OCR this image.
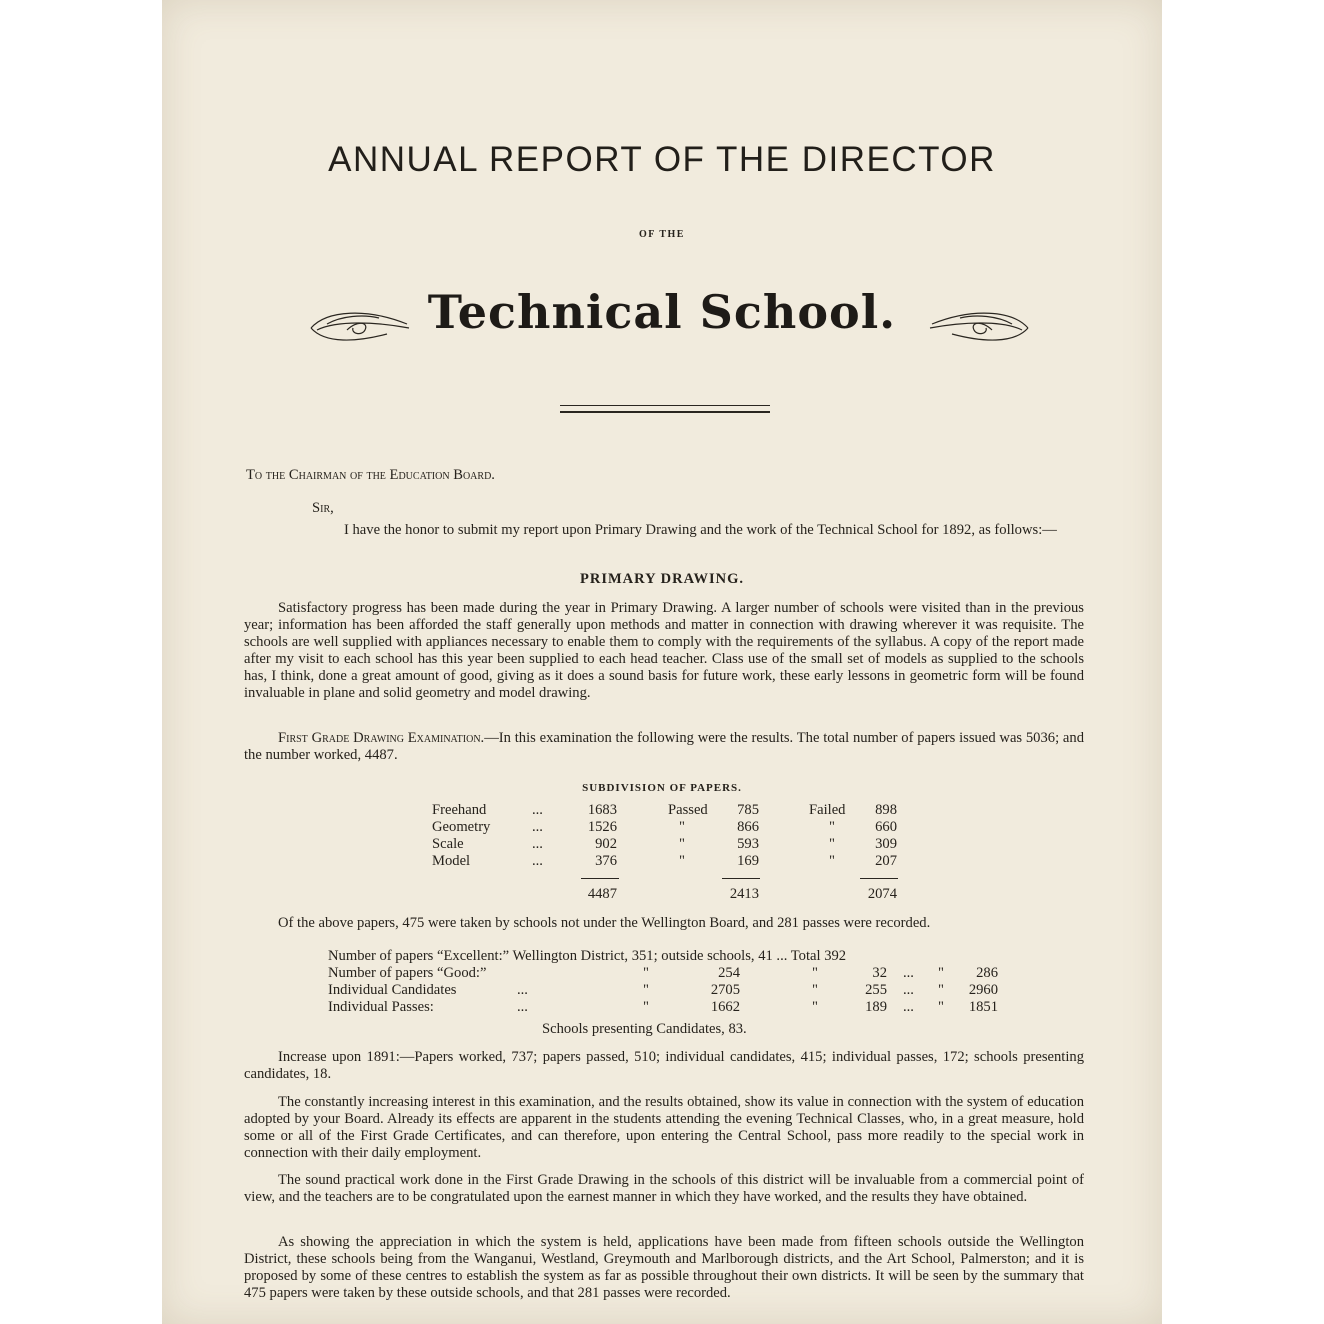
ANNUAL REPORT OF THE DIRECTOR
OF THE
Technical School.
To the Chairman of the Education Board.
Sir,

I have the honor to submit my report upon Primary Drawing and the work of the Technical School for 1892, as follows:—

PRIMARY DRAWING.

Satisfactory progress has been made during the year in Primary Drawing. A larger number of schools were visited than in the previous year; information has been afforded the staff generally upon methods and matter in connection with drawing wherever it was requisite. The schools are well supplied with appliances necessary to enable them to comply with the requirements of the syllabus. A copy of the report made after my visit to each school has this year been supplied to each head teacher. Class use of the small set of models as supplied to the schools has, I think, done a great amount of good, giving as it does a sound basis for future work, these early lessons in geometric form will be found invaluable in plane and solid geometry and model drawing.

First Grade Drawing Examination.—In this examination the following were the results. The total number of papers issued was 5036; and the number worked, 4487.

SUBDIVISION OF PAPERS.
Freehand	...	1683	Passed	785	Failed	898
Geometry	...	1526	"	866	"	660
Scale	...	902	"	593	"	309
Model	...	376	"	169	"	207
4487	2413	2074

Of the above papers, 475 were taken by schools not under the Wellington Board, and 281 passes were recorded.

Number of papers “Excellent:” Wellington District, 351; outside schools, 41 ... Total 392
Number of papers “Good:”	"	254	"	32 ...	"	286
Individual Candidates	...	"	2705	"	255 ...	"	2960
Individual Passes:	...	"	1662	"	189 ...	"	1851
Schools presenting Candidates, 83.

Increase upon 1891:—Papers worked, 737; papers passed, 510; individual candidates, 415; individual passes, 172; schools presenting candidates, 18.

The constantly increasing interest in this examination, and the results obtained, show its value in connection with the system of education adopted by your Board. Already its effects are apparent in the students attending the evening Technical Classes, who, in a great measure, hold some or all of the First Grade Certificates, and can therefore, upon entering the Central School, pass more readily to the special work in connection with their daily employment.

The sound practical work done in the First Grade Drawing in the schools of this district will be invaluable from a commercial point of view, and the teachers are to be congratulated upon the earnest manner in which they have worked, and the results they have obtained.

As showing the appreciation in which the system is held, applications have been made from fifteen schools outside the Wellington District, these schools being from the Wanganui, Westland, Greymouth and Marlborough districts, and the Art School, Palmerston; and it is proposed by some of these centres to establish the system as far as possible throughout their own districts. It will be seen by the summary that 475 papers were taken by these outside schools, and that 281 passes were recorded.
